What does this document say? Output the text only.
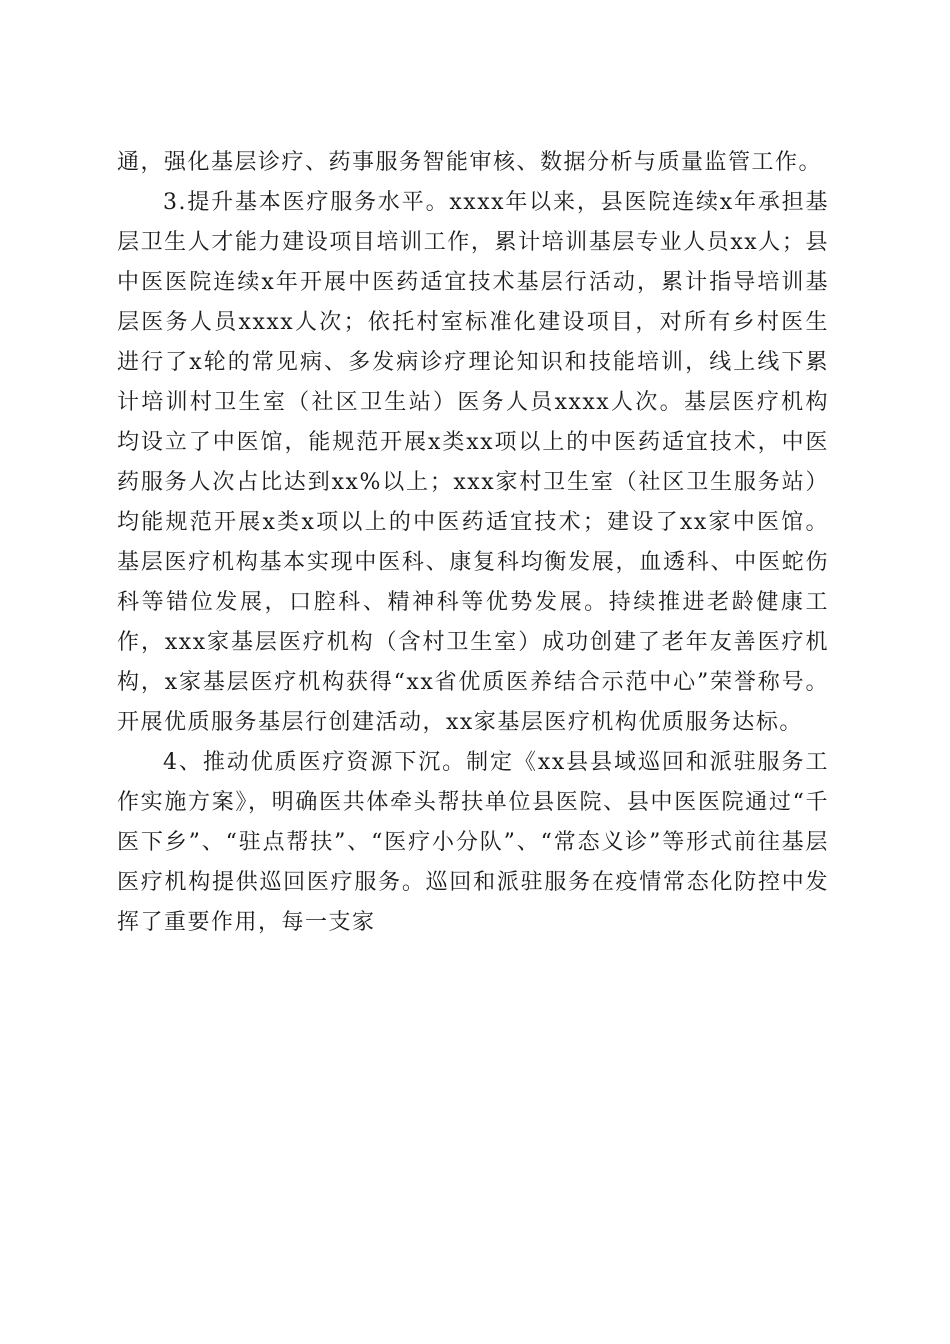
通，强化基层诊疗、药事服务智能审核、数据分析与质量监管工作。

3.提升基本医疗服务水平。xxxx年以来，县医院连续x年承担基层卫生人才能力建设项目培训工作，累计培训基层专业人员xx人；县中医医院连续x年开展中医药适宜技术基层行活动，累计指导培训基层医务人员xxxx人次；依托村室标准化建设项目，对所有乡村医生进行了x轮的常见病、多发病诊疗理论知识和技能培训，线上线下累计培训村卫生室（社区卫生站）医务人员xxxx人次。基层医疗机构均设立了中医馆，能规范开展x类xx项以上的中医药适宜技术，中医药服务人次占比达到xx%以上；xxx家村卫生室（社区卫生服务站）均能规范开展x类x项以上的中医药适宜技术；建设了xx家中医馆。基层医疗机构基本实现中医科、康复科均衡发展，血透科、中医蛇伤科等错位发展，口腔科、精神科等优势发展。持续推进老龄健康工作，xxx家基层医疗机构（含村卫生室）成功创建了老年友善医疗机构，x家基层医疗机构获得“xx省优质医养结合示范中心”荣誉称号。开展优质服务基层行创建活动，xx家基层医疗机构优质服务达标。

4、推动优质医疗资源下沉。制定《xx县县域巡回和派驻服务工作实施方案》，明确医共体牵头帮扶单位县医院、县中医医院通过“千医下乡”、“驻点帮扶”、“医疗小分队”、“常态义诊”等形式前往基层医疗机构提供巡回医疗服务。巡回和派驻服务在疫情常态化防控中发挥了重要作用，每一支家
